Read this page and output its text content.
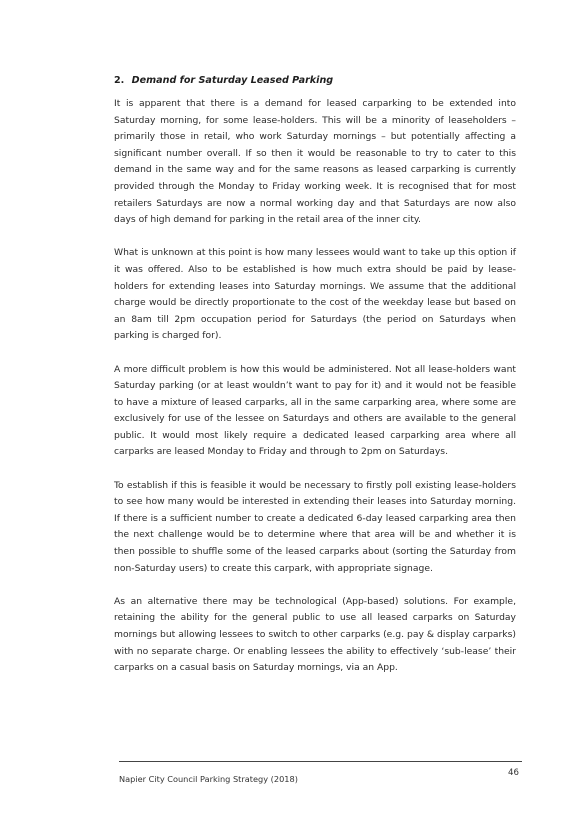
2. Demand for Saturday Leased Parking

It is apparent that there is a demand for leased carparking to be extended into Saturday morning, for some lease-holders. This will be a minority of leaseholders – primarily those in retail, who work Saturday mornings – but potentially affecting a significant number overall. If so then it would be reasonable to try to cater to this demand in the same way and for the same reasons as leased carparking is currently provided through the Monday to Friday working week. It is recognised that for most retailers Saturdays are now a normal working day and that Saturdays are now also days of high demand for parking in the retail area of the inner city.

What is unknown at this point is how many lessees would want to take up this option if it was offered. Also to be established is how much extra should be paid by lease-holders for extending leases into Saturday mornings. We assume that the additional charge would be directly proportionate to the cost of the weekday lease but based on an 8am till 2pm occupation period for Saturdays (the period on Saturdays when parking is charged for).

A more difficult problem is how this would be administered. Not all lease-holders want Saturday parking (or at least wouldn’t want to pay for it) and it would not be feasible to have a mixture of leased carparks, all in the same carparking area, where some are exclusively for use of the lessee on Saturdays and others are available to the general public. It would most likely require a dedicated leased carparking area where all carparks are leased Monday to Friday and through to 2pm on Saturdays.

To establish if this is feasible it would be necessary to firstly poll existing lease-holders to see how many would be interested in extending their leases into Saturday morning. If there is a sufficient number to create a dedicated 6-day leased carparking area then the next challenge would be to determine where that area will be and whether it is then possible to shuffle some of the leased carparks about (sorting the Saturday from non-Saturday users) to create this carpark, with appropriate signage.

As an alternative there may be technological (App-based) solutions. For example, retaining the ability for the general public to use all leased carparks on Saturday mornings but allowing lessees to switch to other carparks (e.g. pay & display carparks) with no separate charge. Or enabling lessees the ability to effectively ‘sub-lease’ their carparks on a casual basis on Saturday mornings, via an App.

Napier City Council Parking Strategy (2018)
46
